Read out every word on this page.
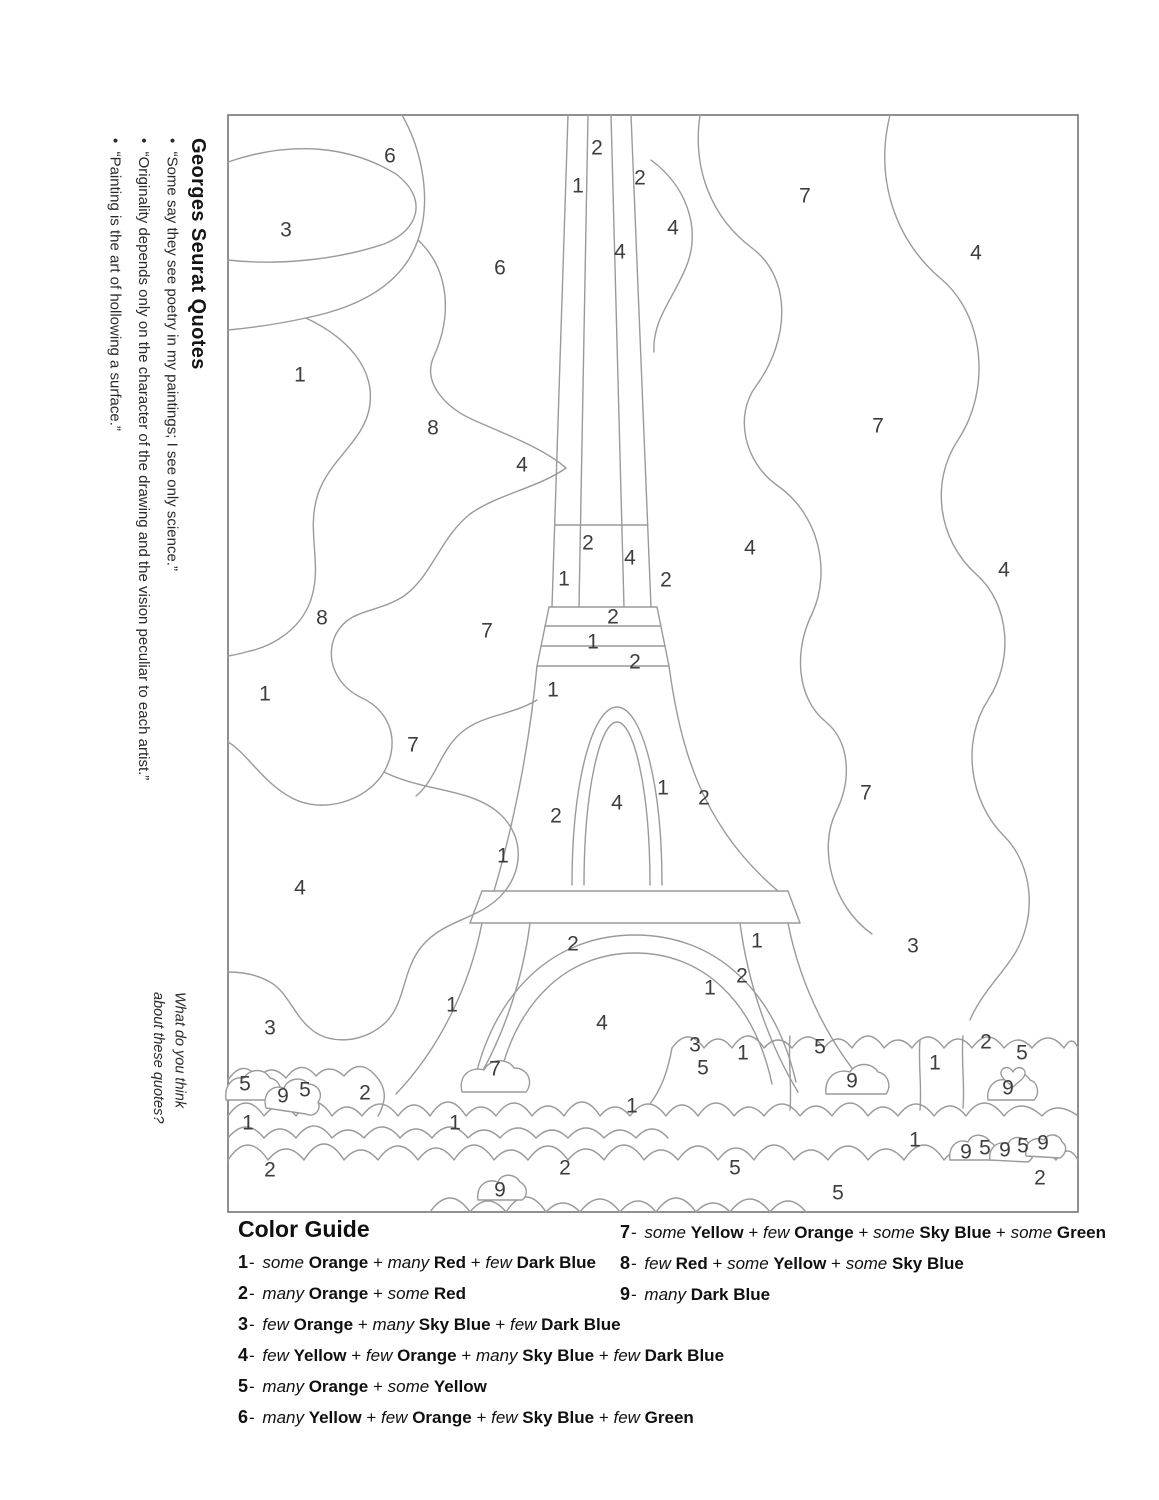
6	2
1 2
7
3	4
4
6
4
1
8	7
4
2
4	4
1	2	4
2
8
7	1
2
1	1
7
1 2
4	7
2
1
4
2	1	3
2
1
1
4
3
3 1	5	2 5
7	5	1
9	9
5
9 5 2
1
1	1
1
9 5 9 5 9
2	2	5	2
9	5
Georges Seurat Quotes
•  “Some say they see poetry in my paintings; I see only science.”
•  “Originality depends only on the character of the drawing and the vision peculiar to each artist.”
•  “Painting is the art of hollowing a surface.”
What do you think about these quotes?
Color Guide
1- some Orange + many Red + few Dark Blue
2- many Orange + some Red
3- few Orange + many Sky Blue + few Dark Blue
4- few Yellow + few Orange + many Sky Blue + few Dark Blue
5- many Orange + some Yellow
6- many Yellow + few Orange + few Sky Blue + few Green
7- some Yellow + few Orange + some Sky Blue + some Green
8- few Red + some Yellow + some Sky Blue
9- many Dark Blue
